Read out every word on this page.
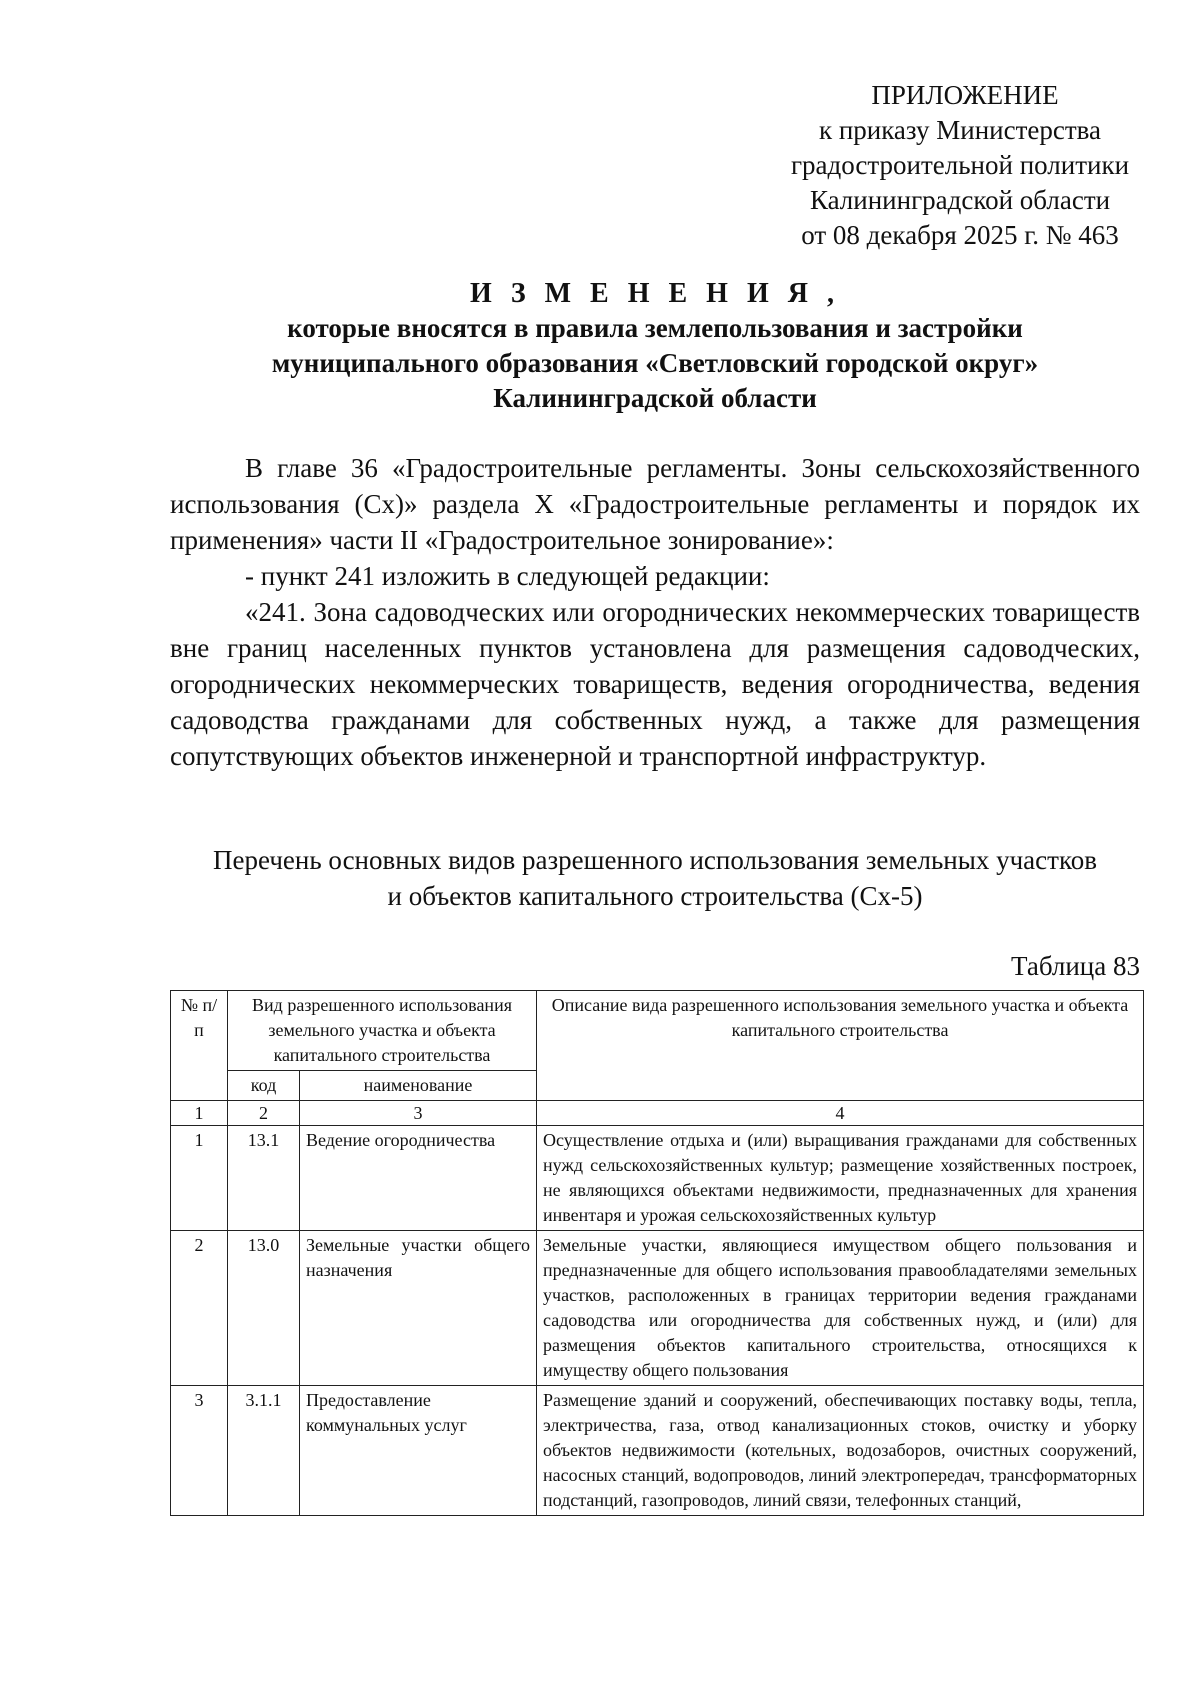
ПРИЛОЖЕНИЕ
к приказу Министерства
градостроительной политики
Калининградской области
от 08 декабря 2025 г. № 463
И З М Е Н Е Н И Я ,
которые вносятся в правила землепользования и застройки
муниципального образования «Светловский городской округ»
Калининградской области

В главе 36 «Градостроительные регламенты. Зоны сельскохозяйственного использования (Сх)» раздела X «Градостроительные регламенты и порядок их применения» части II «Градостроительное зонирование»:

- пункт 241 изложить в следующей редакции:

«241. Зона садоводческих или огороднических некоммерческих товариществ вне границ населенных пунктов установлена для размещения садоводческих, огороднических некоммерческих товариществ, ведения огородничества, ведения садоводства гражданами для собственных нужд, а также для размещения сопутствующих объектов инженерной и транспортной инфраструктур.

Перечень основных видов разрешенного использования земельных участков
и объектов капитального строительства (Сх-5)
Таблица 83
№ п/п	Вид разрешенного использования земельного участка и объекта капитального строительства		Описание вида разрешенного использования земельного участка и объекта капитального строительства
	код	наименование	
1	2	3	4
1	13.1	Ведение огородничества	Осуществление отдыха и (или) выращивания гражданами для собственных нужд сельскохозяйственных культур; размещение хозяйственных построек, не являющихся объектами недвижимости, предназначенных для хранения инвентаря и урожая сельскохозяйственных культур
2	13.0	Земельные участки общего назначения	Земельные участки, являющиеся имуществом общего пользования и предназначенные для общего использования правообладателями земельных участков, расположенных в границах территории ведения гражданами садоводства или огородничества для собственных нужд, и (или) для размещения объектов капитального строительства, относящихся к имуществу общего пользования
3	3.1.1	Предоставление коммунальных услуг	Размещение зданий и сооружений, обеспечивающих поставку воды, тепла, электричества, газа, отвод канализационных стоков, очистку и уборку объектов недвижимости (котельных, водозаборов, очистных сооружений, насосных станций, водопроводов, линий электропередач, трансформаторных подстанций, газопроводов, линий связи, телефонных станций,
